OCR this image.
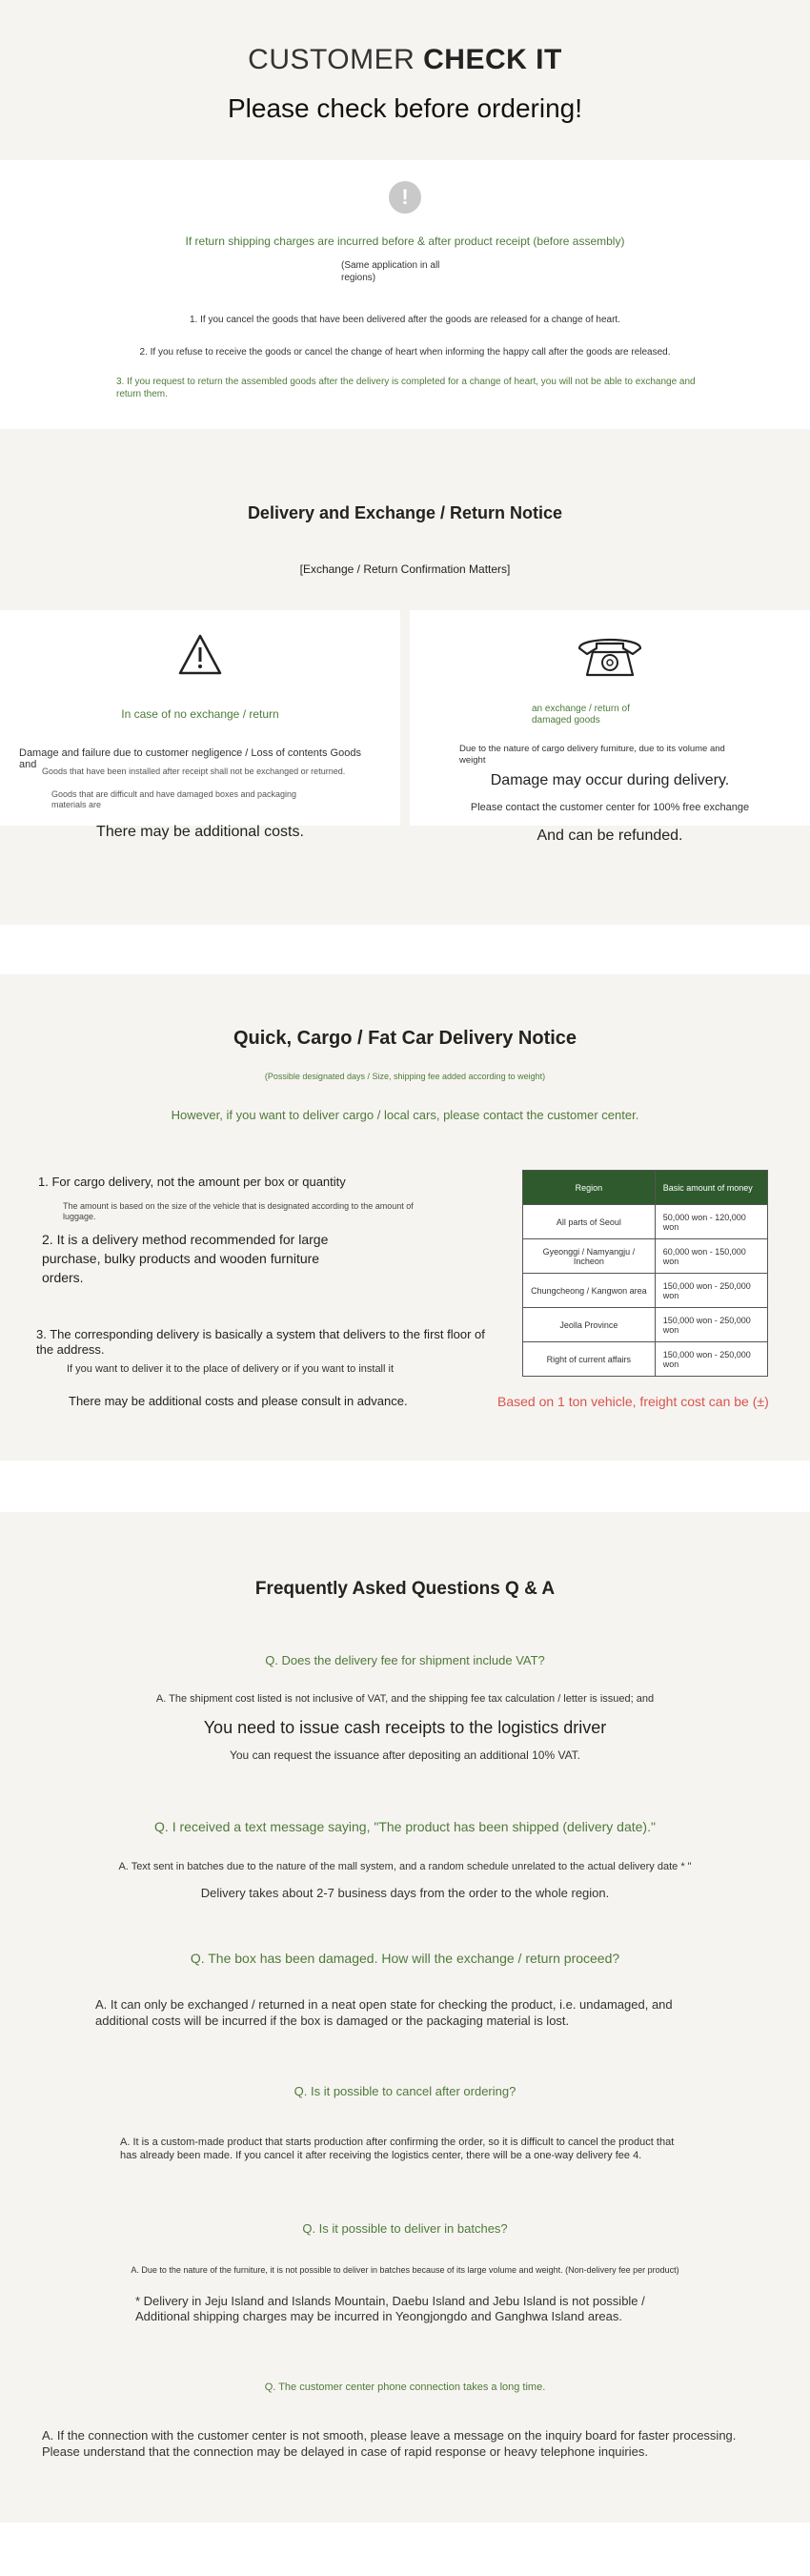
CUSTOMER CHECK IT
Please check before ordering!
!
If return shipping charges are incurred before & after product receipt (before assembly)
(Same application in all regions)
1. If you cancel the goods that have been delivered after the goods are released for a change of heart.
2. If you refuse to receive the goods or cancel the change of heart when informing the happy call after the goods are released.
3. If you request to return the assembled goods after the delivery is completed for a change of heart, you will not be able to exchange and return them.
Delivery and Exchange / Return Notice
[Exchange / Return Confirmation Matters]
In case of no exchange / return
Damage and failure due to customer negligence / Loss of contents Goods and
Goods that have been installed after receipt shall not be exchanged or returned.
Goods that are difficult and have damaged boxes and packaging materials are
There may be additional costs.
an exchange / return of damaged goods
Due to the nature of cargo delivery furniture, due to its volume and weight
Damage may occur during delivery.
Please contact the customer center for 100% free exchange
And can be refunded.
Quick, Cargo / Fat Car Delivery Notice
(Possible designated days / Size, shipping fee added according to weight)
However, if you want to deliver cargo / local cars, please contact the customer center.
1. For cargo delivery, not the amount per box or quantity
The amount is based on the size of the vehicle that is designated according to the amount of luggage.
2. It is a delivery method recommended for large purchase, bulky products and wooden furniture orders.
3. The corresponding delivery is basically a system that delivers to the first floor of the address.
If you want to deliver it to the place of delivery or if you want to install it
There may be additional costs and please consult in advance.	Based on 1 ton vehicle, freight cost can be (±)
Region	Basic amount of money
All parts of Seoul	50,000 won - 120,000 won
Gyeonggi / Namyangju / Incheon	60,000 won - 150,000 won
Chungcheong / Kangwon area	150,000 won - 250,000 won
Jeolla Province	150,000 won - 250,000 won
Right of current affairs	150,000 won - 250,000 won
Frequently Asked Questions Q & A
Q. Does the delivery fee for shipment include VAT?
A. The shipment cost listed is not inclusive of VAT, and the shipping fee tax calculation / letter is issued; and
You need to issue cash receipts to the logistics driver
You can request the issuance after depositing an additional 10% VAT.
Q. I received a text message saying, "The product has been shipped (delivery date)."
A. Text sent in batches due to the nature of the mall system, and a random schedule unrelated to the actual delivery date * "
Delivery takes about 2-7 business days from the order to the whole region.
Q. The box has been damaged. How will the exchange / return proceed?
A. It can only be exchanged / returned in a neat open state for checking the product, i.e. undamaged, and additional costs will be incurred if the box is damaged or the packaging material is lost.
Q. Is it possible to cancel after ordering?
A. It is a custom-made product that starts production after confirming the order, so it is difficult to cancel the product that has already been made. If you cancel it after receiving the logistics center, there will be a one-way delivery fee 4.
Q. Is it possible to deliver in batches?
A. Due to the nature of the furniture, it is not possible to deliver in batches because of its large volume and weight. (Non-delivery fee per product)
* Delivery in Jeju Island and Islands Mountain, Daebu Island and Jebu Island is not possible / Additional shipping charges may be incurred in Yeongjongdo and Ganghwa Island areas.
Q. The customer center phone connection takes a long time.
A. If the connection with the customer center is not smooth, please leave a message on the inquiry board for faster processing. Please understand that the connection may be delayed in case of rapid response or heavy telephone inquiries.
